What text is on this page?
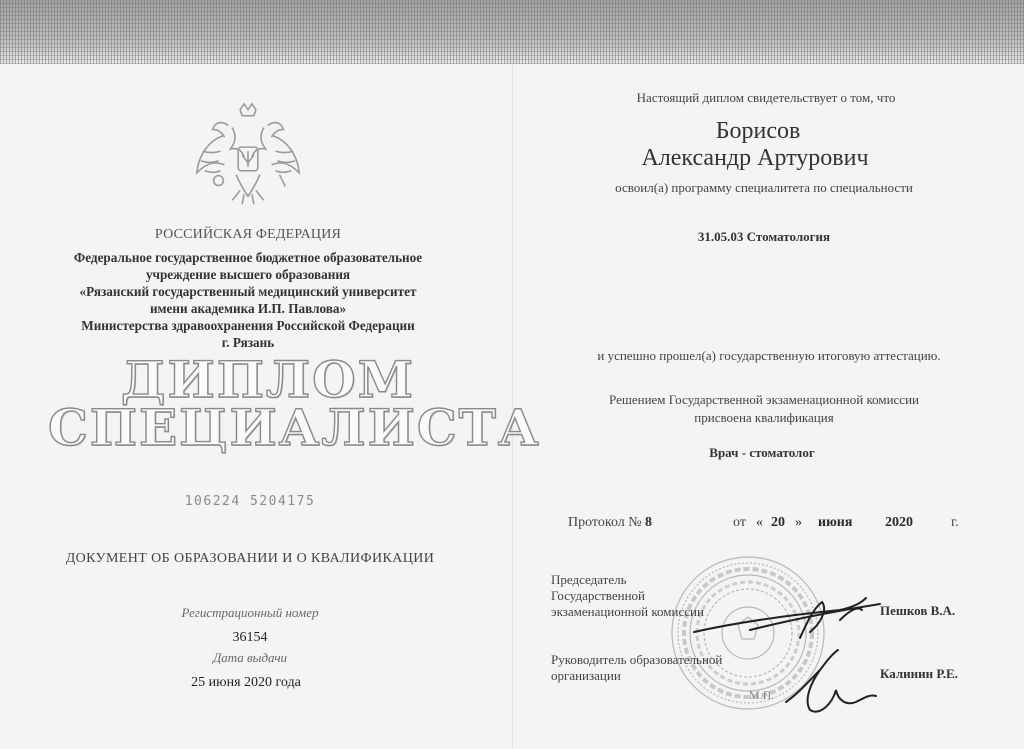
РОССИЙСКАЯ ФЕДЕРАЦИЯ
Федеральное государственное бюджетное образовательное
учреждение высшего образования
«Рязанский государственный медицинский университет
имени академика И.П. Павлова»
Министерства здравоохранения Российской Федерации
г. Рязань
ДИПЛОМ
СПЕЦИАЛИСТА
106224 5204175
ДОКУМЕНТ ОБ ОБРАЗОВАНИИ И О КВАЛИФИКАЦИИ
Регистрационный номер
36154
Дата выдачи
25 июня 2020 года
Настоящий диплом свидетельствует о том, что
Борисов
Александр Артурович
освоил(а) программу специалитета по специальности
31.05.03 Стоматология
и успешно прошел(а) государственную итоговую аттестацию.
Решением Государственной экзаменационной комиссии
присвоена квалификация
Врач - стоматолог
Протокол № 8	от « 20 » июня 2020	г.
Председатель
Государственной
экзаменационной комиссии	Пешков В.А.
Руководитель образовательной
организации	Калинин Р.Е.
М.П.
